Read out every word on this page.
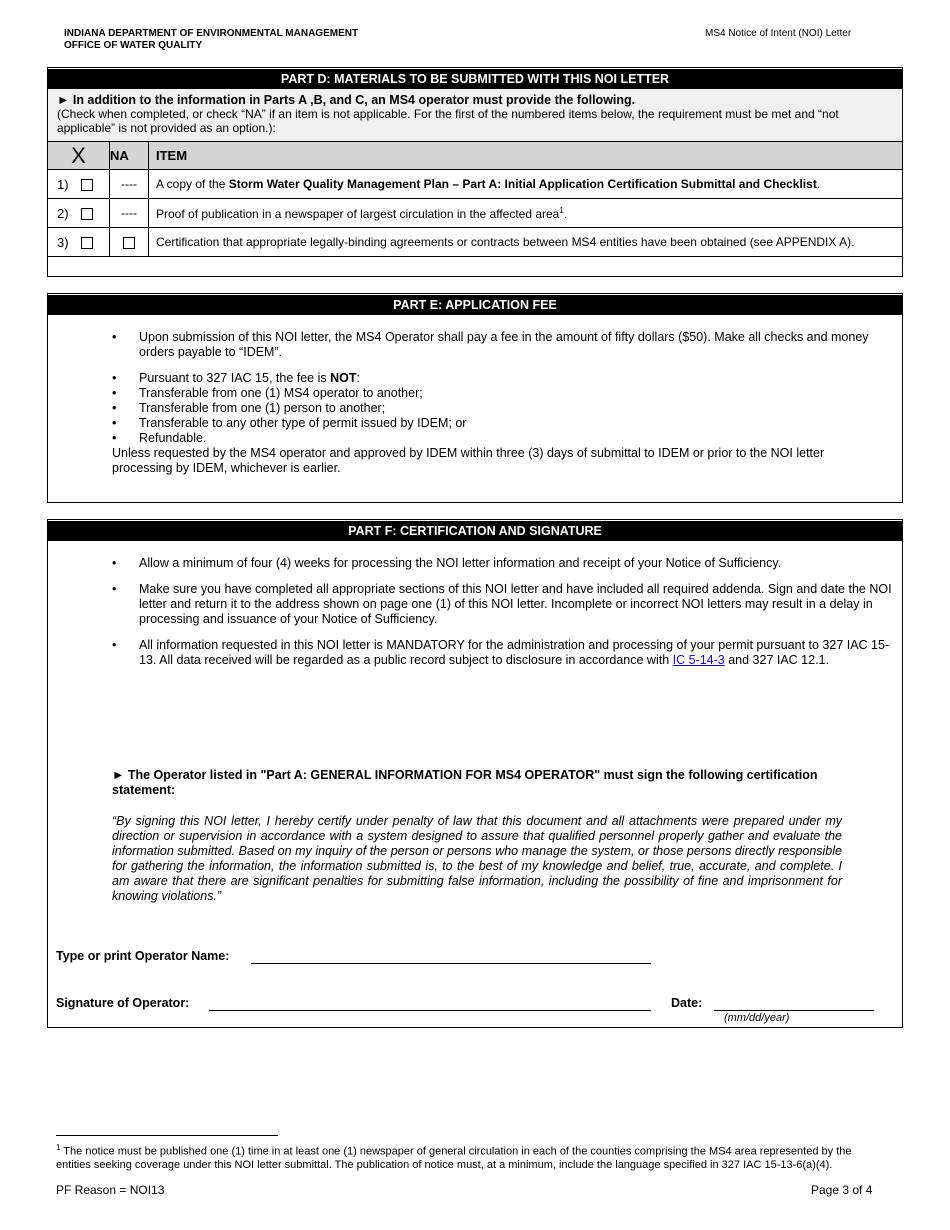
INDIANA DEPARTMENT OF ENVIRONMENTAL MANAGEMENT
OFFICE OF WATER QUALITY
MS4 Notice of Intent (NOI) Letter
PART D: MATERIALS TO BE SUBMITTED WITH THIS NOI LETTER
► In addition to the information in Parts A ,B, and C, an MS4 operator must provide the following.
(Check when completed, or check “NA” if an item is not applicable. For the first of the numbered items below, the requirement must be met and “not applicable” is not provided as an option.):
X	NA	ITEM
1)	----	A copy of the Storm Water Quality Management Plan – Part A: Initial Application Certification Submittal and Checklist.
2)	----	Proof of publication in a newspaper of largest circulation in the affected area$^1$.
3)		Certification that appropriate legally-binding agreements or contracts between MS4 entities have been obtained (see APPENDIX A).
PART E: APPLICATION FEE
• Upon submission of this NOI letter, the MS4 Operator shall pay a fee in the amount of fifty dollars ($50). Make all checks and money orders payable to “IDEM”.
• Pursuant to 327 IAC 15, the fee is NOT:
• Transferable from one (1) MS4 operator to another;
• Transferable from one (1) person to another;
• Transferable to any other type of permit issued by IDEM; or
• Refundable.
Unless requested by the MS4 operator and approved by IDEM within three (3) days of submittal to IDEM or prior to the NOI letter processing by IDEM, whichever is earlier.
PART F: CERTIFICATION AND SIGNATURE
• Allow a minimum of four (4) weeks for processing the NOI letter information and receipt of your Notice of Sufficiency.
• Make sure you have completed all appropriate sections of this NOI letter and have included all required addenda. Sign and date the NOI letter and return it to the address shown on page one (1) of this NOI letter. Incomplete or incorrect NOI letters may result in a delay in processing and issuance of your Notice of Sufficiency.
• All information requested in this NOI letter is MANDATORY for the administration and processing of your permit pursuant to 327 IAC 15-13. All data received will be regarded as a public record subject to disclosure in accordance with IC 5-14-3 and 327 IAC 12.1.
► The Operator listed in "Part A: GENERAL INFORMATION FOR MS4 OPERATOR" must sign the following certification statement:
“By signing this NOI letter, I hereby certify under penalty of law that this document and all attachments were prepared under my direction or supervision in accordance with a system designed to assure that qualified personnel properly gather and evaluate the information submitted. Based on my inquiry of the person or persons who manage the system, or those persons directly responsible for gathering the information, the information submitted is, to the best of my knowledge and belief, true, accurate, and complete. I am aware that there are significant penalties for submitting false information, including the possibility of fine and imprisonment for knowing violations.”
Type or print Operator Name:
Signature of Operator:	Date:
(mm/dd/year)
$^1$ The notice must be published one (1) time in at least one (1) newspaper of general circulation in each of the counties comprising the MS4 area represented by the entities seeking coverage under this NOI letter submittal. The publication of notice must, at a minimum, include the language specified in 327 IAC 15-13-6(a)(4).
PF Reason = NOI13	Page 3 of 4
